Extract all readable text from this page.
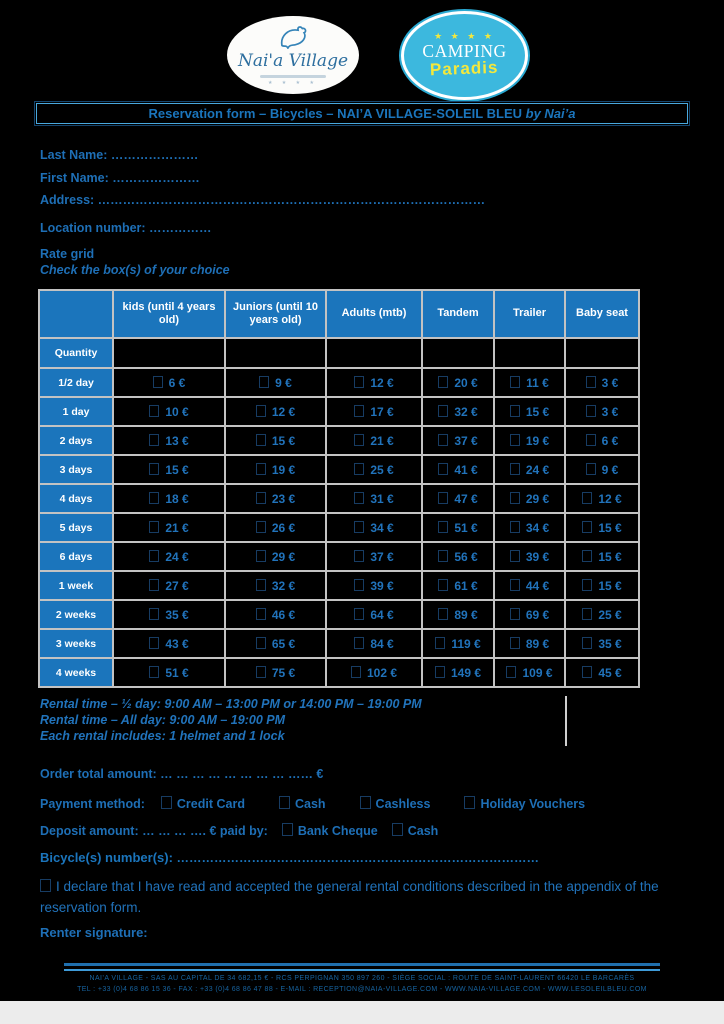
Nai'a Village
★ ★ ★ ★
★ ★ ★ ★
CAMPING
Paradis
Reservation form – Bicycles – NAI’A VILLAGE-SOLEIL BLEU by Nai’a
Last Name: …………………
First Name: …………………
Address: …………………………………………………………………………………
Location number: ……………
Rate grid
Check the box(s) of your choice
	kids (until 4 years old)	Juniors (until 10 years old)	Adults (mtb)	Tandem	Trailer	Baby seat
Quantity						
1/2 day	6 €	9 €	12 €	20 €	11 €	3 €
1 day	10 €	12 €	17 €	32 €	15 €	3 €
2 days	13 €	15 €	21 €	37 €	19 €	6 €
3 days	15 €	19 €	25 €	41 €	24 €	9 €
4 days	18 €	23 €	31 €	47 €	29 €	12 €
5 days	21 €	26 €	34 €	51 €	34 €	15 €
6 days	24 €	29 €	37 €	56 €	39 €	15 €
1 week	27 €	32 €	39 €	61 €	44 €	15 €
2 weeks	35 €	46 €	64 €	89 €	69 €	25 €
3 weeks	43 €	65 €	84 €	119 €	89 €	35 €
4 weeks	51 €	75 €	102 €	149 €	109 €	45 €
Rental time – ½ day: 9:00 AM – 13:00 PM or 14:00 PM – 19:00 PM
Rental time – All day: 9:00 AM – 19:00 PM
Each rental includes: 1 helmet and 1 lock
Order total amount: … … … … … … … … …… €
Payment method:	Credit Card	Cash	Cashless	Holiday Vouchers
Deposit amount: … … … …. € paid by: Bank Cheque Cash
Bicycle(s) number(s): ……………………………………………………………………………
I declare that I have read and accepted the general rental conditions described in the appendix of the reservation form.
Renter signature:
NAI’A VILLAGE - SAS AU CAPITAL DE 34 682,15 € - RCS PERPIGNAN 350 897 260 - SIÈGE SOCIAL : ROUTE DE SAINT-LAURENT 66420 LE BARCARÈS
TEL : +33 (0)4 68 86 15 36 - FAX : +33 (0)4 68 86 47 88 - E-MAIL : RECEPTION@NAIA-VILLAGE.COM - WWW.NAIA-VILLAGE.COM - WWW.LESOLEILBLEU.COM
